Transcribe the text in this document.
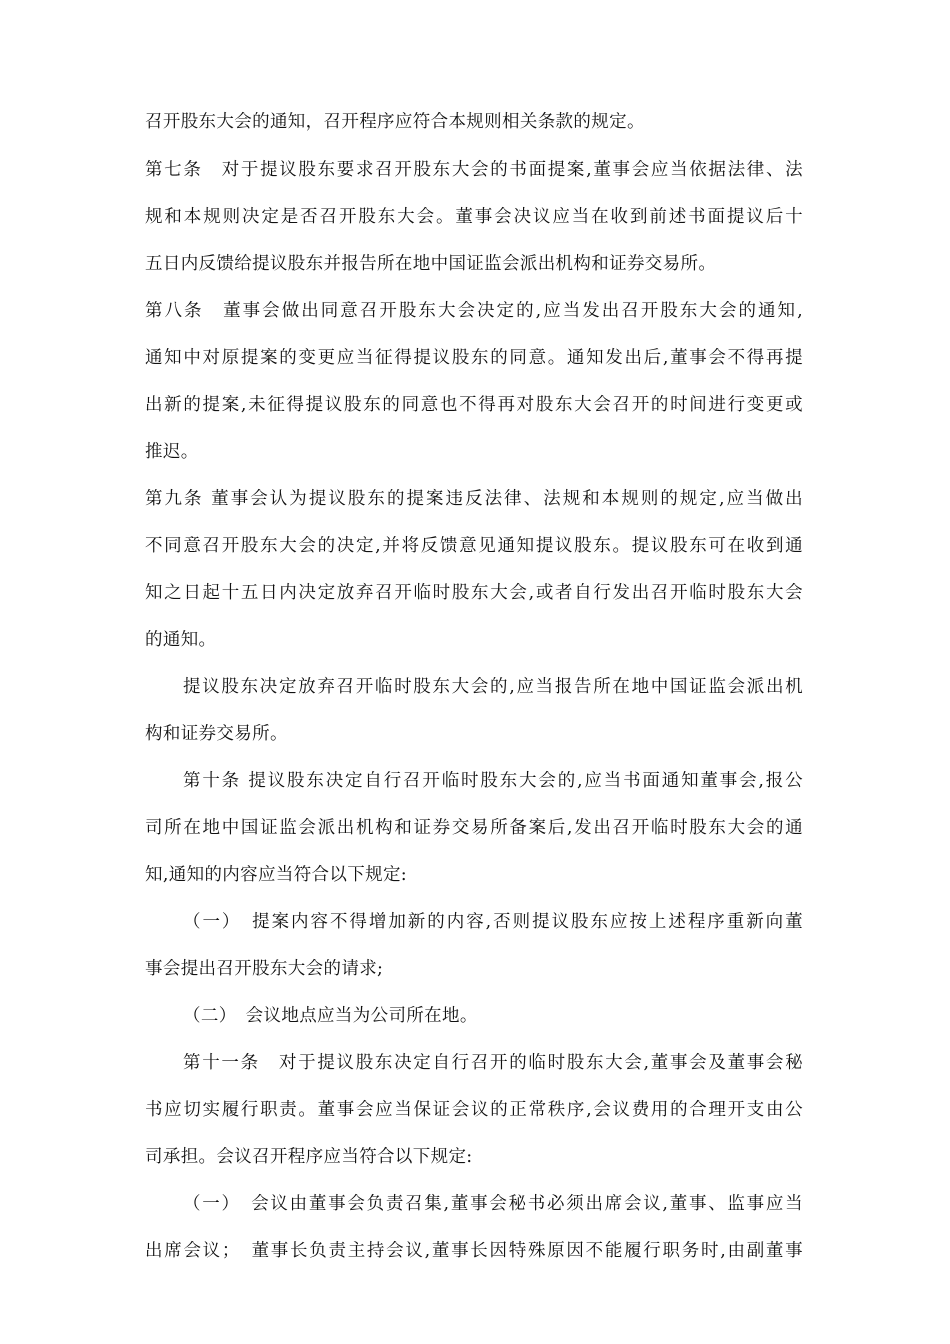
召开股东大会的通知，召开程序应符合本规则相关条款的规定。
第七条　对于提议股东要求召开股东大会的书面提案,董事会应当依据法律、法
规和本规则决定是否召开股东大会。董事会决议应当在收到前述书面提议后十
五日内反馈给提议股东并报告所在地中国证监会派出机构和证券交易所。
第八条　董事会做出同意召开股东大会决定的,应当发出召开股东大会的通知,
通知中对原提案的变更应当征得提议股东的同意。通知发出后,董事会不得再提
出新的提案,未征得提议股东的同意也不得再对股东大会召开的时间进行变更或
推迟。
第九条 董事会认为提议股东的提案违反法律、法规和本规则的规定,应当做出
不同意召开股东大会的决定,并将反馈意见通知提议股东。提议股东可在收到通
知之日起十五日内决定放弃召开临时股东大会,或者自行发出召开临时股东大会
的通知。
提议股东决定放弃召开临时股东大会的,应当报告所在地中国证监会派出机
构和证券交易所。
第十条 提议股东决定自行召开临时股东大会的,应当书面通知董事会,报公
司所在地中国证监会派出机构和证券交易所备案后,发出召开临时股东大会的通
知,通知的内容应当符合以下规定:
（一）　提案内容不得增加新的内容,否则提议股东应按上述程序重新向董
事会提出召开股东大会的请求;
（二）　会议地点应当为公司所在地。
第十一条　对于提议股东决定自行召开的临时股东大会,董事会及董事会秘
书应切实履行职责。董事会应当保证会议的正常秩序,会议费用的合理开支由公
司承担。会议召开程序应当符合以下规定:
（一）　会议由董事会负责召集,董事会秘书必须出席会议,董事、监事应当
出席会议；　董事长负责主持会议,董事长因特殊原因不能履行职务时,由副董事
